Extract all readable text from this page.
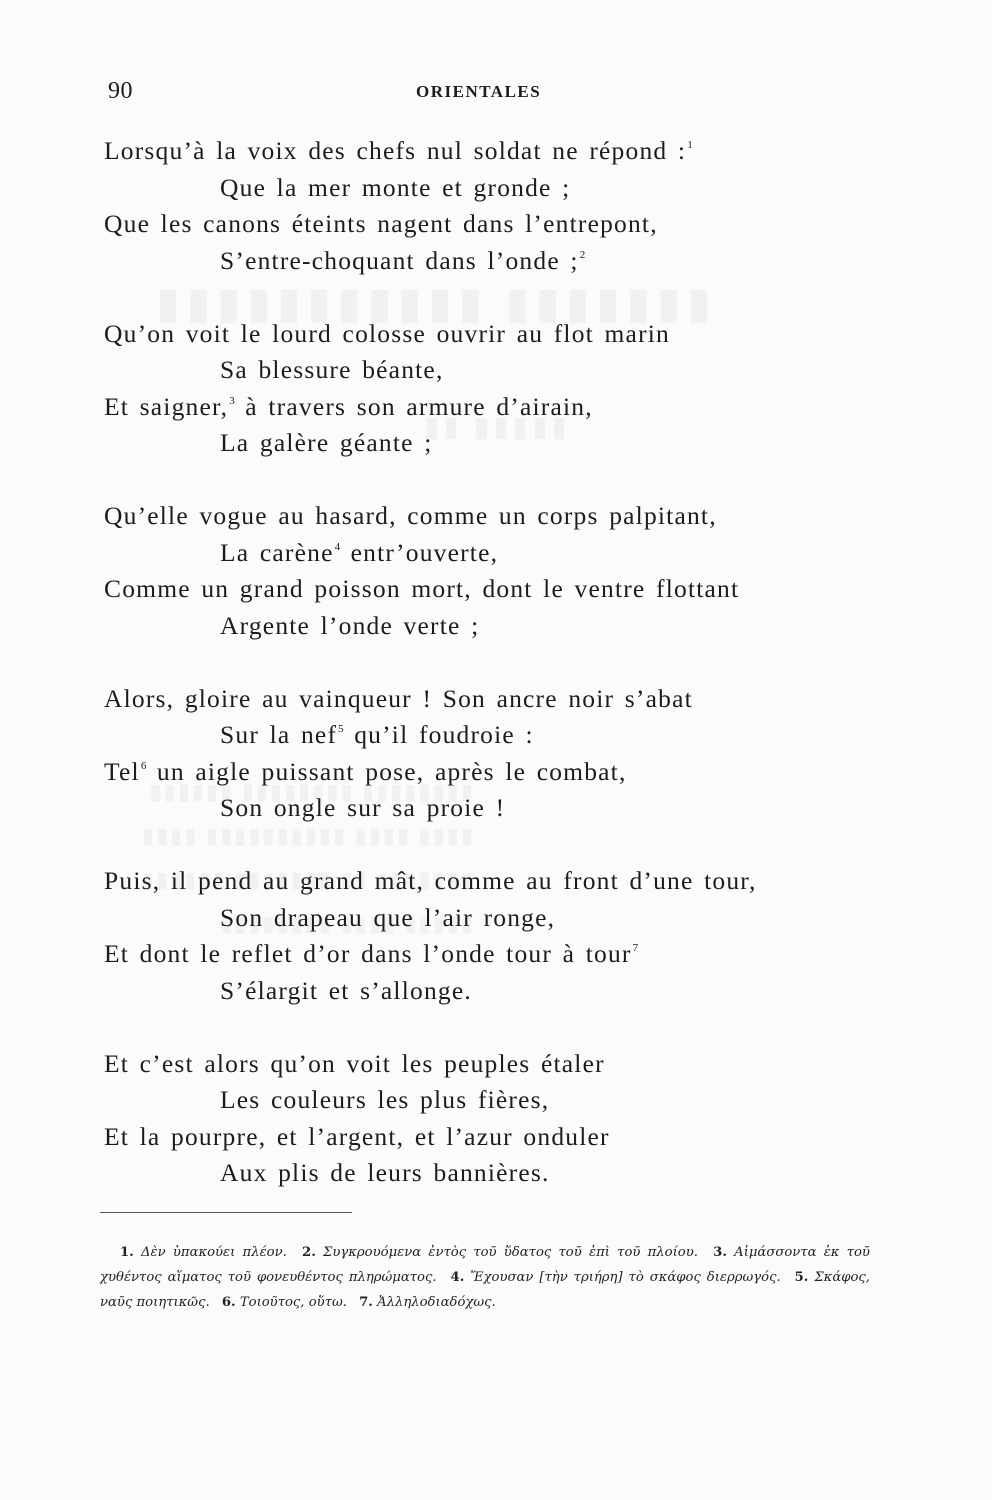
90	ORIENTALES
Lorsqu’à la voix des chefs nul soldat ne répond :$^1$
Que la mer monte et gronde ;
Que les canons éteints nagent dans l’entrepont,
S’entre-choquant dans l’onde ;$^2$
Qu’on voit le lourd colosse ouvrir au flot marin
Sa blessure béante,
Et saigner,$^3$ à travers son armure d’airain,
La galère géante ;
Qu’elle vogue au hasard, comme un corps palpitant,
La carène$^4$ entr’ouverte,
Comme un grand poisson mort, dont le ventre flottant
Argente l’onde verte ;
Alors, gloire au vainqueur ! Son ancre noir s’abat
Sur la nef$^5$ qu’il foudroie :
Tel$^6$ un aigle puissant pose, après le combat,
Son ongle sur sa proie !
Puis, il pend au grand mât, comme au front d’une tour,
Son drapeau que l’air ronge,
Et dont le reflet d’or dans l’onde tour à tour$^7$
S’élargit et s’allonge.
Et c’est alors qu’on voit les peuples étaler
Les couleurs les plus fières,
Et la pourpre, et l’argent, et l’azur onduler
Aux plis de leurs bannières.
1. Δὲν ὑπακούει πλέον. 2. Συγκρουόμενα ἐντὸς τοῦ ὕδατος τοῦ ἐπὶ τοῦ πλοίου. 3. Αἱμάσσοντα ἐκ τοῦ χυθέντος αἵματος τοῦ φονευθέντος πληρώματος. 4. Ἔχουσαν [τὴν τριήρη] τὸ σκάφος διερρωγός. 5. Σκάφος, ναῦς ποιητικῶς. 6. Τοιοῦτος, οὕτω. 7. Ἀλληλοδιαδόχως.
